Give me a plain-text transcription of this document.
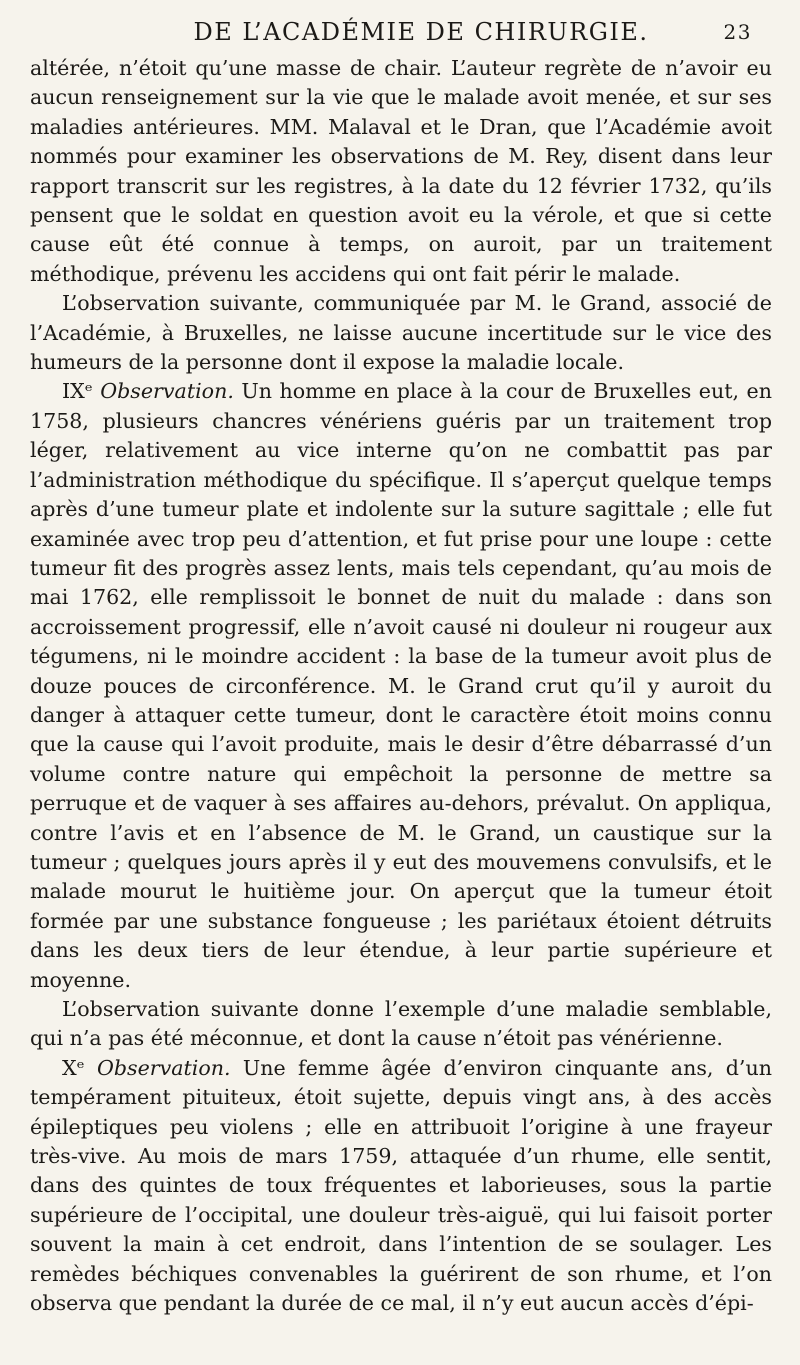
DE L’ACADÉMIE DE CHIRURGIE.	23

altérée, n’étoit qu’une masse de chair. L’auteur regrète de n’avoir eu aucun renseignement sur la vie que le malade avoit menée, et sur ses maladies antérieures. MM. Malaval et le Dran, que l’Académie avoit nommés pour examiner les observations de M. Rey, disent dans leur rapport transcrit sur les registres, à la date du 12 février 1732, qu’ils pensent que le soldat en question avoit eu la vérole, et que si cette cause eût été connue à temps, on auroit, par un traitement méthodique, prévenu les accidens qui ont fait périr le malade.

L’observation suivante, communiquée par M. le Grand, associé de l’Académie, à Bruxelles, ne laisse aucune incertitude sur le vice des humeurs de la personne dont il expose la maladie locale.

IXᵉ Observation. Un homme en place à la cour de Bruxelles eut, en 1758, plusieurs chancres vénériens guéris par un traitement trop léger, relativement au vice interne qu’on ne combattit pas par l’administration méthodique du spécifique. Il s’aperçut quelque temps après d’une tumeur plate et indolente sur la suture sagittale ; elle fut examinée avec trop peu d’attention, et fut prise pour une loupe : cette tumeur fit des progrès assez lents, mais tels cependant, qu’au mois de mai 1762, elle remplissoit le bonnet de nuit du malade : dans son accroissement progressif, elle n’avoit causé ni douleur ni rougeur aux tégumens, ni le moindre accident : la base de la tumeur avoit plus de douze pouces de circonférence. M. le Grand crut qu’il y auroit du danger à attaquer cette tumeur, dont le caractère étoit moins connu que la cause qui l’avoit produite, mais le desir d’être débarrassé d’un volume contre nature qui empêchoit la personne de mettre sa perruque et de vaquer à ses affaires au-dehors, prévalut. On appliqua, contre l’avis et en l’absence de M. le Grand, un caustique sur la tumeur ; quelques jours après il y eut des mouvemens convulsifs, et le malade mourut le huitième jour. On aperçut que la tumeur étoit formée par une substance fongueuse ; les pariétaux étoient détruits dans les deux tiers de leur étendue, à leur partie supérieure et moyenne.

L’observation suivante donne l’exemple d’une maladie semblable, qui n’a pas été méconnue, et dont la cause n’étoit pas vénérienne.

Xᵉ Observation. Une femme âgée d’environ cinquante ans, d’un tempérament pituiteux, étoit sujette, depuis vingt ans, à des accès épileptiques peu violens ; elle en attribuoit l’origine à une frayeur très-vive. Au mois de mars 1759, attaquée d’un rhume, elle sentit, dans des quintes de toux fréquentes et laborieuses, sous la partie supérieure de l’occipital, une douleur très-aiguë, qui lui faisoit porter souvent la main à cet endroit, dans l’intention de se soulager. Les remèdes béchiques convenables la guérirent de son rhume, et l’on observa que pendant la durée de ce mal, il n’y eut aucun accès d’épi-
